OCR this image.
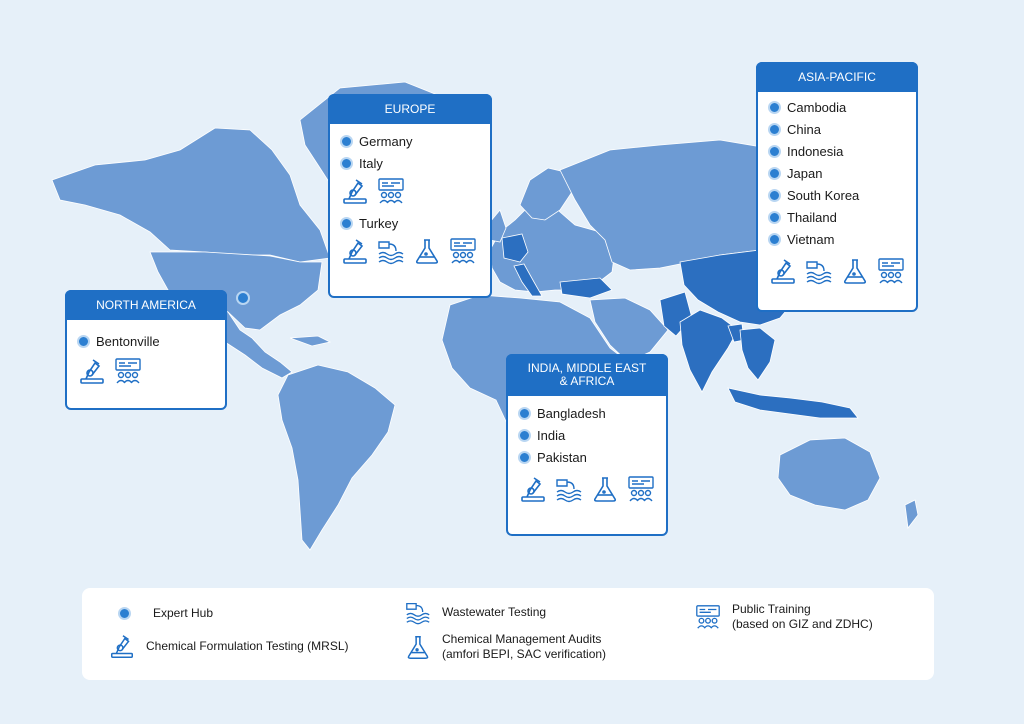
EUROPE
Germany
Italy
Turkey
ASIA-PACIFIC
Cambodia
China
Indonesia
Japan
South Korea
Thailand
Vietnam
NORTH AMERICA
Bentonville
INDIA, MIDDLE EAST
& AFRICA
Bangladesh
India
Pakistan
Expert Hub
Chemical Formulation Testing (MRSL)
Wastewater Testing
Chemical Management Audits
(amfori BEPI, SAC verification)
Public Training
(based on GIZ and ZDHC)
